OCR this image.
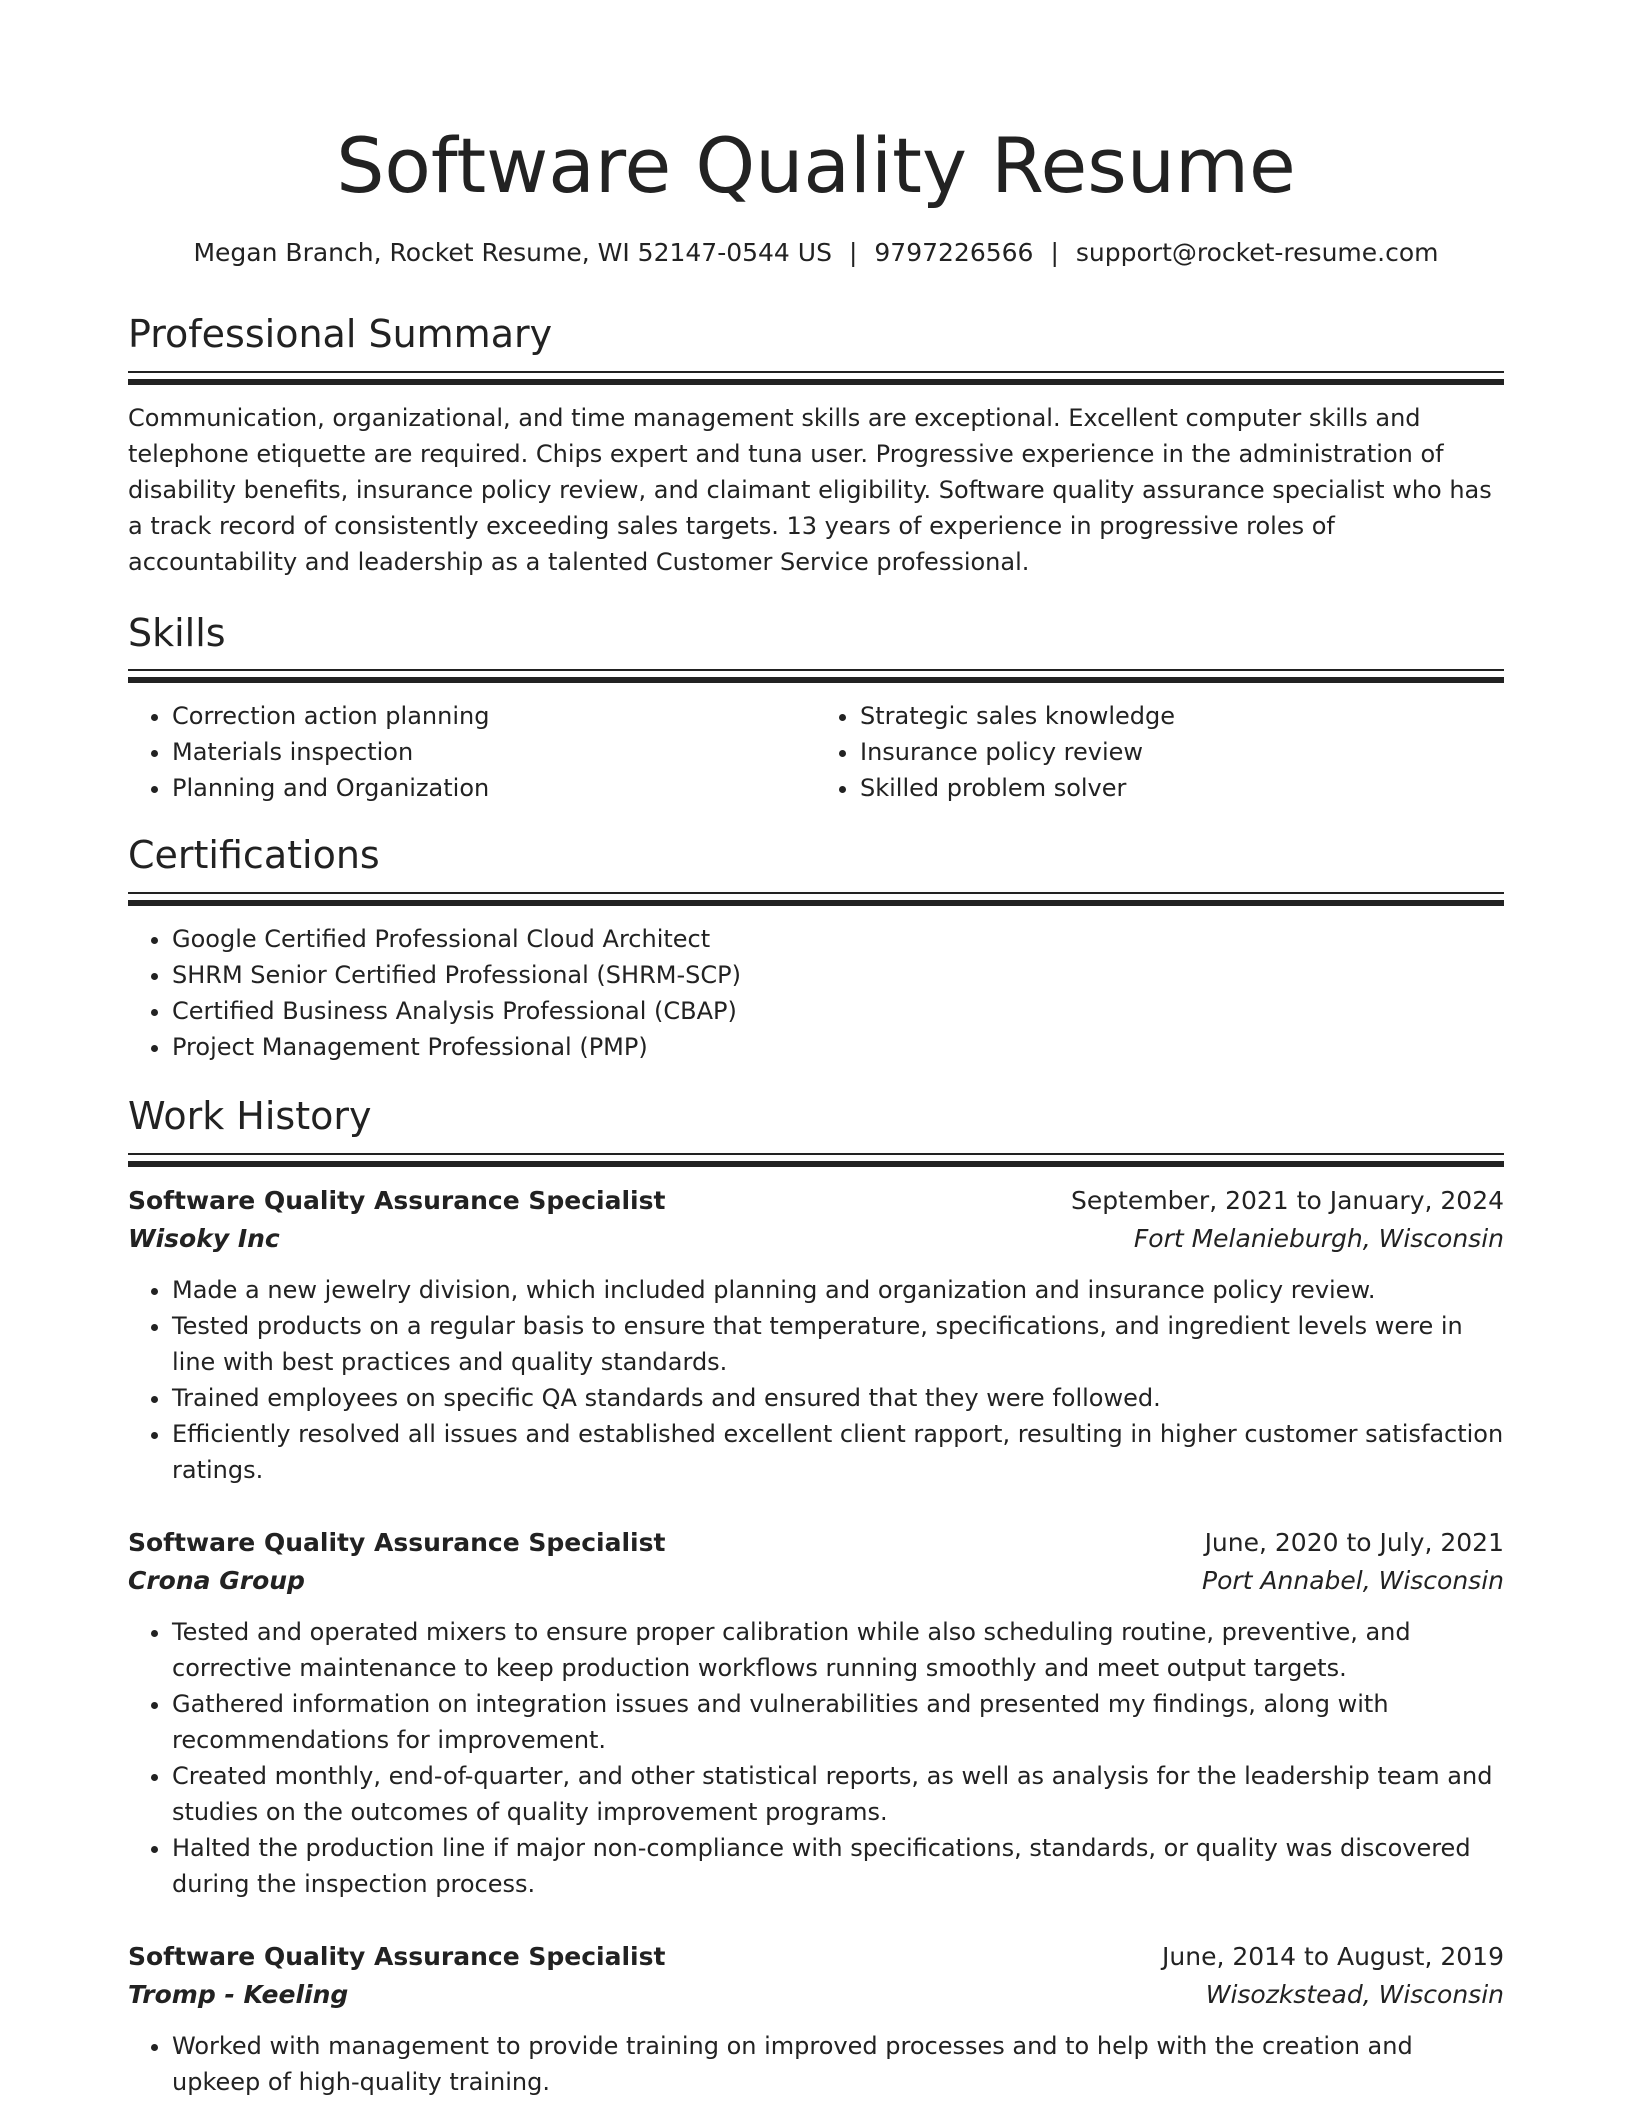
Software Quality Resume
Megan Branch, Rocket Resume, WI 52147-0544 US | 9797226566 | support@rocket-resume.com
Professional Summary
Communication, organizational, and time management skills are exceptional. Excellent computer skills and telephone etiquette are required. Chips expert and tuna user. Progressive experience in the administration of disability benefits, insurance policy review, and claimant eligibility. Software quality assurance specialist who has a track record of consistently exceeding sales targets. 13 years of experience in progressive roles of accountability and leadership as a talented Customer Service professional.
Skills
• Correction action planning
• Materials inspection
• Planning and Organization
• Strategic sales knowledge
• Insurance policy review
• Skilled problem solver
Certifications
• Google Certified Professional Cloud Architect
• SHRM Senior Certified Professional (SHRM-SCP)
• Certified Business Analysis Professional (CBAP)
• Project Management Professional (PMP)
Work History
Software Quality Assurance Specialist	September, 2021 to January, 2024
Wisoky Inc	Fort Melanieburgh, Wisconsin
• Made a new jewelry division, which included planning and organization and insurance policy review.
• Tested products on a regular basis to ensure that temperature, specifications, and ingredient levels were in line with best practices and quality standards.
• Trained employees on specific QA standards and ensured that they were followed.
• Efficiently resolved all issues and established excellent client rapport, resulting in higher customer satisfaction ratings.
Software Quality Assurance Specialist	June, 2020 to July, 2021
Crona Group	Port Annabel, Wisconsin
• Tested and operated mixers to ensure proper calibration while also scheduling routine, preventive, and corrective maintenance to keep production workflows running smoothly and meet output targets.
• Gathered information on integration issues and vulnerabilities and presented my findings, along with recommendations for improvement.
• Created monthly, end-of-quarter, and other statistical reports, as well as analysis for the leadership team and studies on the outcomes of quality improvement programs.
• Halted the production line if major non-compliance with specifications, standards, or quality was discovered during the inspection process.
Software Quality Assurance Specialist	June, 2014 to August, 2019
Tromp - Keeling	Wisozkstead, Wisconsin
• Worked with management to provide training on improved processes and to help with the creation and upkeep of high-quality training.
